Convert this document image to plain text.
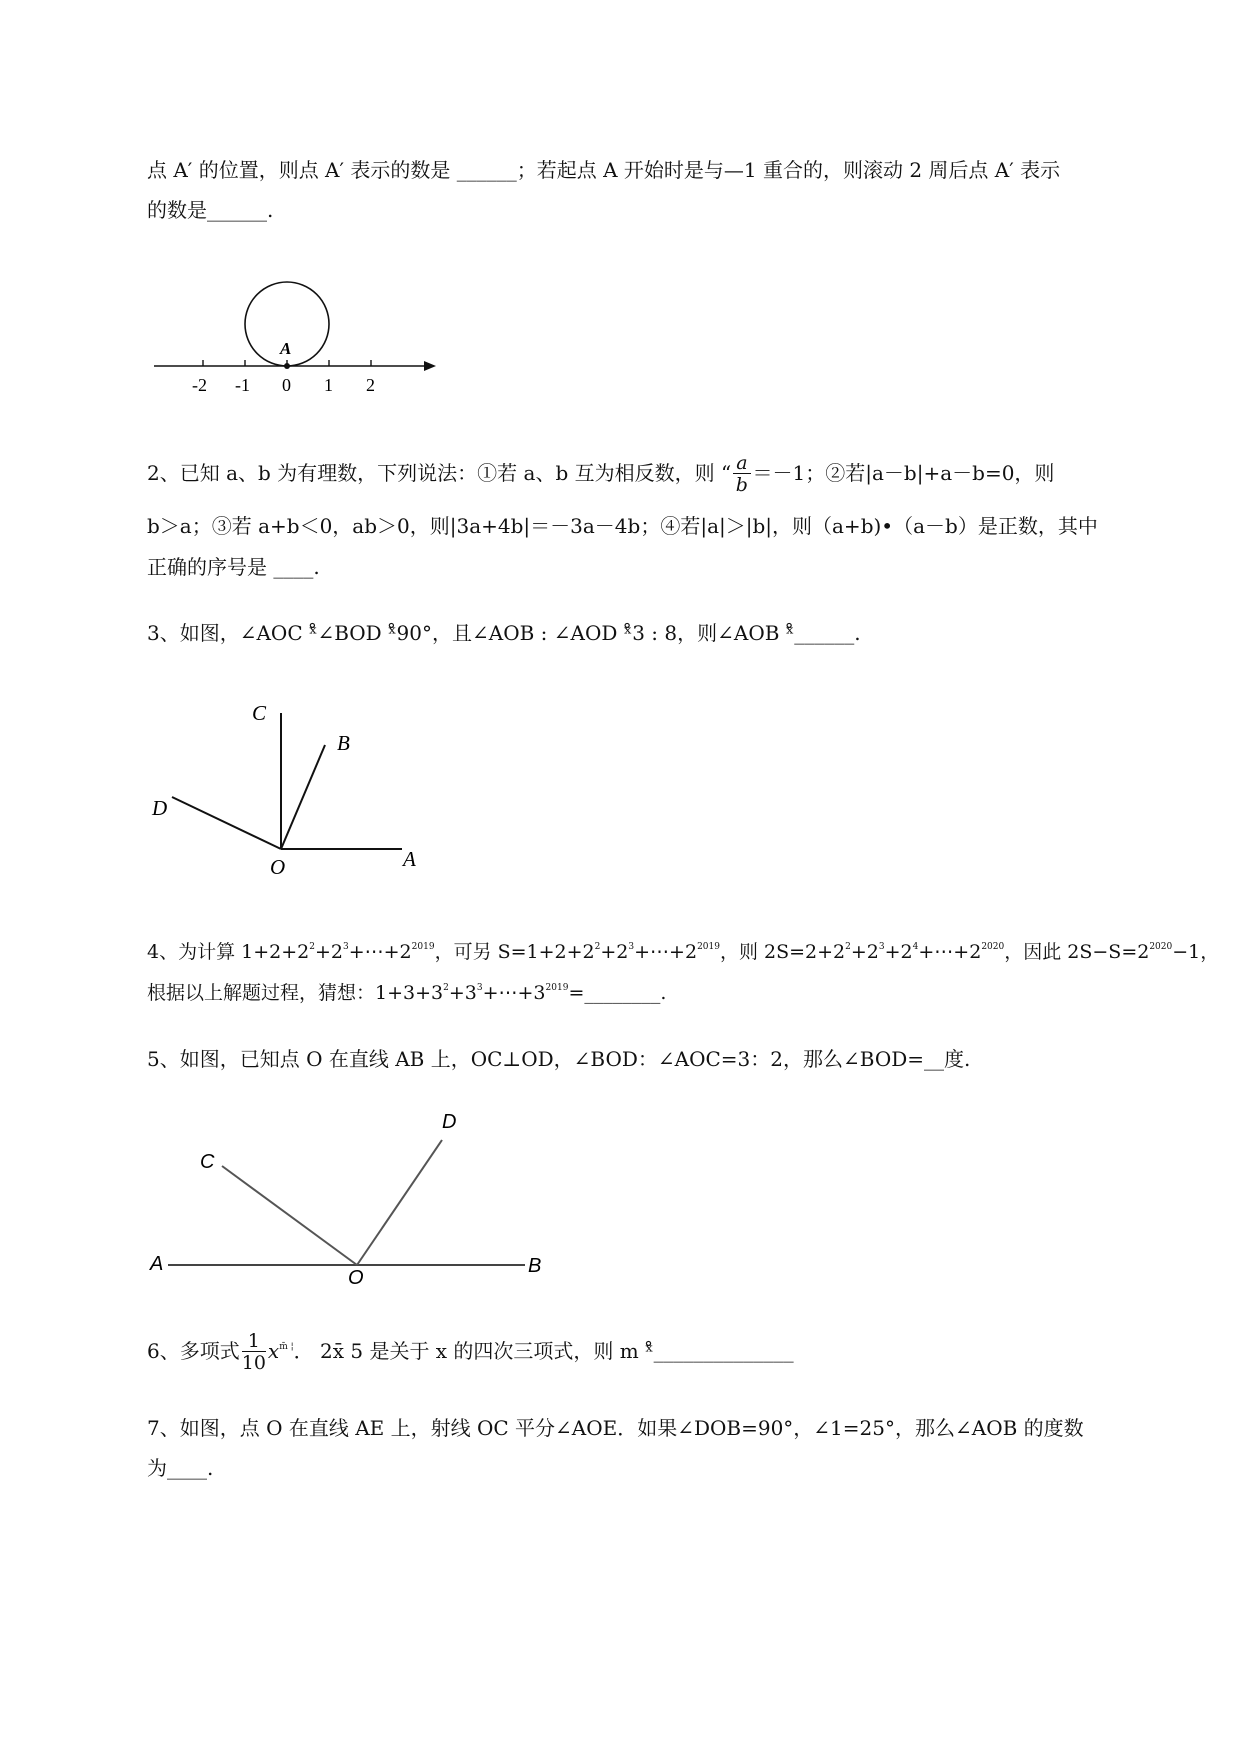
点 A′ 的位置，则点 A′ 表示的数是 ______；若起点 A 开始时是与—1 重合的，则滚动 2 周后点 A′ 表示
的数是______.
A
-2 -1 0 1 2
C
B
D
O	A
C
D
A
O
B
2、已知 a、b 为有理数，下列说法：①若 a、b 互为相反数，则 “ $\frac{a}{b} =-1$；②若|a－b|+a－b=0，则
b＞a；③若 a+b＜0，ab＞0，则|3a+4b|＝－3a－4b；④若|a|＞|b|，则（a+b)•（a－b）是正数，其中
正确的序号是 ____.
3、如图，∠AOC ˣ̊∠BOD ˣ̊90°，且∠AOB : ∠AOD ˣ̊3 : 8，则∠AOB ˣ̊______.
4、为计算 $1+2+2^2+2^3+\cdots+2^{2019}$，可另 $S=1+2+2^2+2^3+\cdots+2^{2019}$，则 $2S=2+2^2+2^3+2^4+\cdots+2^{2020}$，因此 $2S-S=2^{2020}-1$，
根据以上解题过程，猜想：$1+3+3^2+3^3+\cdots+3^{2019}=\_\_\_\_\_\_\_\_$.
5、如图，已知点 O 在直线 AB 上，OC⊥OD，∠BOD：∠AOC=3：2，那么∠BOD=__度.
6、多项式 $\frac{1}{10} x^{m̄ ¦}$． 2x̄ 5 是关于 x 的四次三项式，则 m ˣ̊______________
7、如图，点 O 在直线 AE 上，射线 OC 平分∠AOE．如果∠DOB=90°，∠1=25°，那么∠AOB 的度数
为____.
